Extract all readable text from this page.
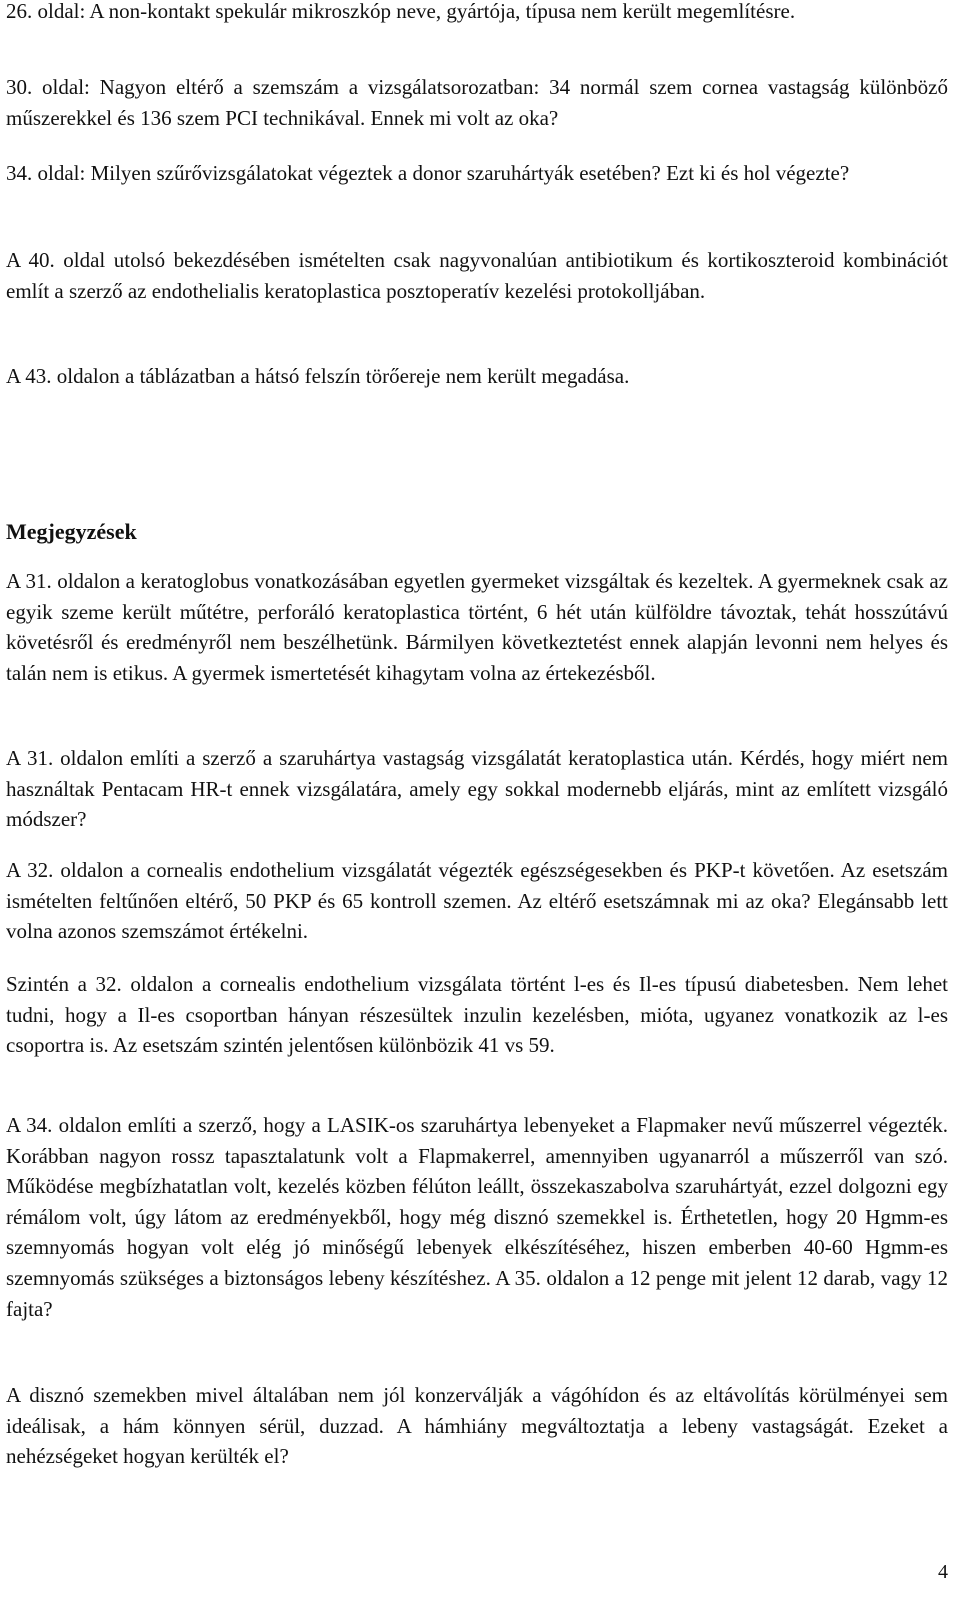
26. oldal: A non-kontakt spekulár mikroszkóp neve, gyártója, típusa nem került megemlítésre.

30. oldal: Nagyon eltérő a szemszám a vizsgálatsorozatban: 34 normál szem cornea vastagság különböző műszerekkel és 136 szem PCI technikával. Ennek mi volt az oka?

34. oldal: Milyen szűrővizsgálatokat végeztek a donor szaruhártyák esetében? Ezt ki és hol végezte?

A 40. oldal utolsó bekezdésében ismételten csak nagyvonalúan antibiotikum és kortikoszteroid kombinációt említ a szerző az endothelialis keratoplastica posztoperatív kezelési protokolljában.

A 43. oldalon a táblázatban a hátsó felszín törőereje nem került megadása.

Megjegyzések

A 31. oldalon a keratoglobus vonatkozásában egyetlen gyermeket vizsgáltak és kezeltek. A gyermeknek csak az egyik szeme került műtétre, perforáló keratoplastica történt, 6 hét után külföldre távoztak, tehát hosszútávú követésről és eredményről nem beszélhetünk. Bármilyen következtetést ennek alapján levonni nem helyes és talán nem is etikus. A gyermek ismertetését kihagytam volna az értekezésből.

A 31. oldalon említi a szerző a szaruhártya vastagság vizsgálatát keratoplastica után. Kérdés, hogy miért nem használtak Pentacam HR-t ennek vizsgálatára, amely egy sokkal modernebb eljárás, mint az említett vizsgáló módszer?

A 32. oldalon a cornealis endothelium vizsgálatát végezték egészségesekben és PKP-t követően. Az esetszám ismételten feltűnően eltérő, 50 PKP és 65 kontroll szemen. Az eltérő esetszámnak mi az oka? Elegánsabb lett volna azonos szemszámot értékelni.

Szintén a 32. oldalon a cornealis endothelium vizsgálata történt l-es és Il-es típusú diabetesben. Nem lehet tudni, hogy a Il-es csoportban hányan részesültek inzulin kezelésben, mióta, ugyanez vonatkozik az l-es csoportra is. Az esetszám szintén jelentősen különbözik 41 vs 59.

A 34. oldalon említi a szerző, hogy a LASIK-os szaruhártya lebenyeket a Flapmaker nevű műszerrel végezték. Korábban nagyon rossz tapasztalatunk volt a Flapmakerrel, amennyiben ugyanarról a műszerről van szó. Működése megbízhatatlan volt, kezelés közben félúton leállt, összekaszabolva szaruhártyát, ezzel dolgozni egy rémálom volt, úgy látom az eredményekből, hogy még disznó szemekkel is. Érthetetlen, hogy 20 Hgmm-es szemnyomás hogyan volt elég jó minőségű lebenyek elkészítéséhez, hiszen emberben 40-60 Hgmm-es szemnyomás szükséges a biztonságos lebeny készítéshez. A 35. oldalon a 12 penge mit jelent 12 darab, vagy 12 fajta?

A disznó szemekben mivel általában nem jól konzerválják a vágóhídon és az eltávolítás körülményei sem ideálisak, a hám könnyen sérül, duzzad. A hámhiány megváltoztatja a lebeny vastagságát. Ezeket a nehézségeket hogyan kerülték el?

4
